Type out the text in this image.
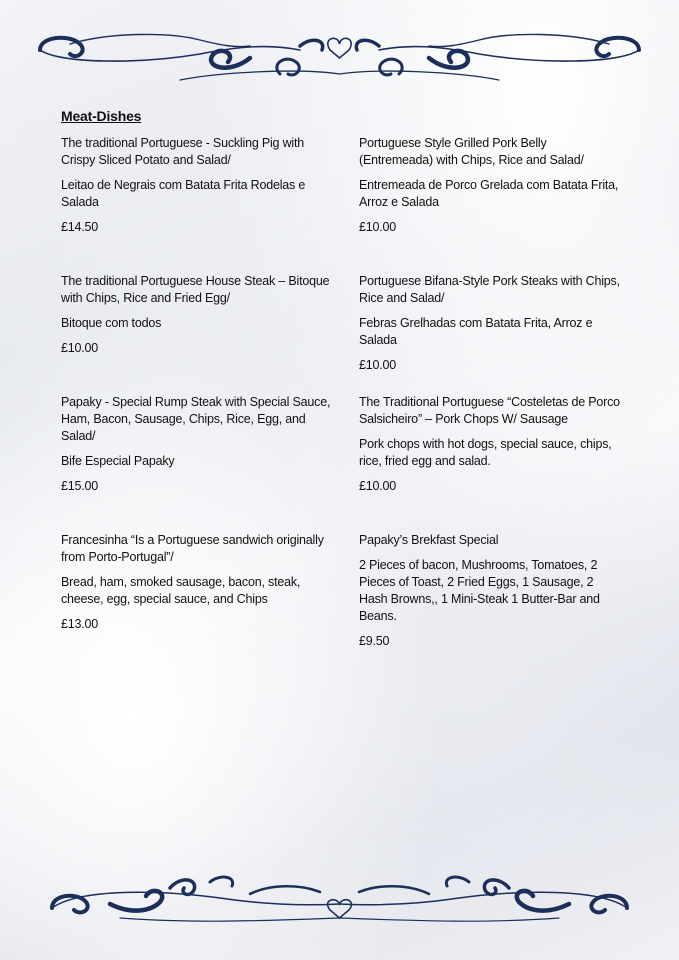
Meat-Dishes

The traditional Portuguese - Suckling Pig with Crispy Sliced Potato and Salad/

Leitao de Negrais com Batata Frita Rodelas e Salada

£14.50

Portuguese Style Grilled Pork Belly (Entremeada) with Chips, Rice and Salad/

Entremeada de Porco Grelada com Batata Frita, Arroz e Salada

£10.00

The traditional Portuguese House Steak – Bitoque with Chips, Rice and Fried Egg/

Bitoque com todos

£10.00

Portuguese Bifana-Style Pork Steaks with Chips, Rice and Salad/

Febras Grelhadas com Batata Frita, Arroz e Salada

£10.00

Papaky - Special Rump Steak with Special Sauce, Ham, Bacon, Sausage, Chips, Rice, Egg, and Salad/

Bife Especial Papaky

£15.00

The Traditional Portuguese “Costeletas de Porco Salsicheiro” – Pork Chops W/ Sausage

Pork chops with hot dogs, special sauce, chips, rice, fried egg and salad.

£10.00

Francesinha “Is a Portuguese sandwich originally from Porto-Portugal”/

Bread, ham, smoked sausage, bacon, steak, cheese, egg, special sauce, and Chips

£13.00

Papaky’s Brekfast Special

2 Pieces of bacon, Mushrooms, Tomatoes, 2 Pieces of Toast, 2 Fried Eggs, 1 Sausage, 2 Hash Browns,, 1 Mini-Steak 1 Butter-Bar and Beans.

£9.50
